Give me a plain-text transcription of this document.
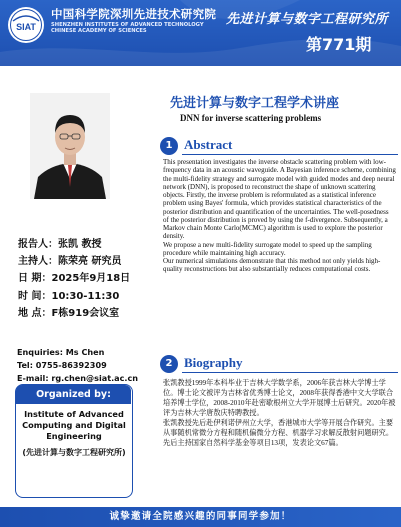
SIAT
中国科学院深圳先进技术研究院
SHENZHEN INSTITUTES OF ADVANCED TECHNOLOGY
CHINESE ACADEMY OF SCIENCES
先进计算与数字工程研究所
第771期
报告人：张凯 教授
主持人：陈荣亮 研究员
日 期：2025年9月18日
时 间：10:30-11:30
地 点：F栋919会议室
Enquiries: Ms Chen
Tel: 0755-86392309
E-mail: rg.chen@siat.ac.cn
Organized by:
Institute of Advanced Computing and Digital Engineering
(先进计算与数字工程研究所)
先进计算与数字工程学术讲座
DNN for inverse scattering problems
1 Abstract

This presentation investigates the inverse obstacle scattering problem with low-frequency data in an acoustic waveguide. A Bayesian inference scheme, combining the multi-fidelity strategy and surrogate model with guided modes and deep neural network (DNN), is proposed to reconstruct the shape of unknown scattering objects. Firstly, the inverse problem is reformulated as a statistical inference problem using Bayes' formula, which provides statistical characteristics of the posterior distribution and quantification of the uncertainties. The well-posedness of the posterior distribution is proved by using the f-divergence. Subsequently, a Markov chain Monte Carlo(MCMC) algorithm is used to explore the posterior density.

We propose a new multi-fidelity surrogate model to speed up the sampling procedure while maintaining high accuracy.

Our numerical simulations demonstrate that this method not only yields high-quality reconstructions but also substantially reduces computational costs.

2 Biography

张凯教授1999年本科毕业于吉林大学数学系，2006年获吉林大学博士学位。博士论文被评为吉林省优秀博士论文，2008年获得香港中文大学联合培养博士学位，2008-2010年赴密歇根州立大学开展博士后研究。2020年被评为吉林大学唐敖庆特聘教授。

张凯教授先后赴伊利诺伊州立大学，香港城市大学等开展合作研究。主要从事随机常微分方程和随机偏微分方程、机器学习求解反散射问题研究。先后主持国家自然科学基金等项目13项，发表论文67篇。

诚挚邀请全院感兴趣的同事同学参加！
